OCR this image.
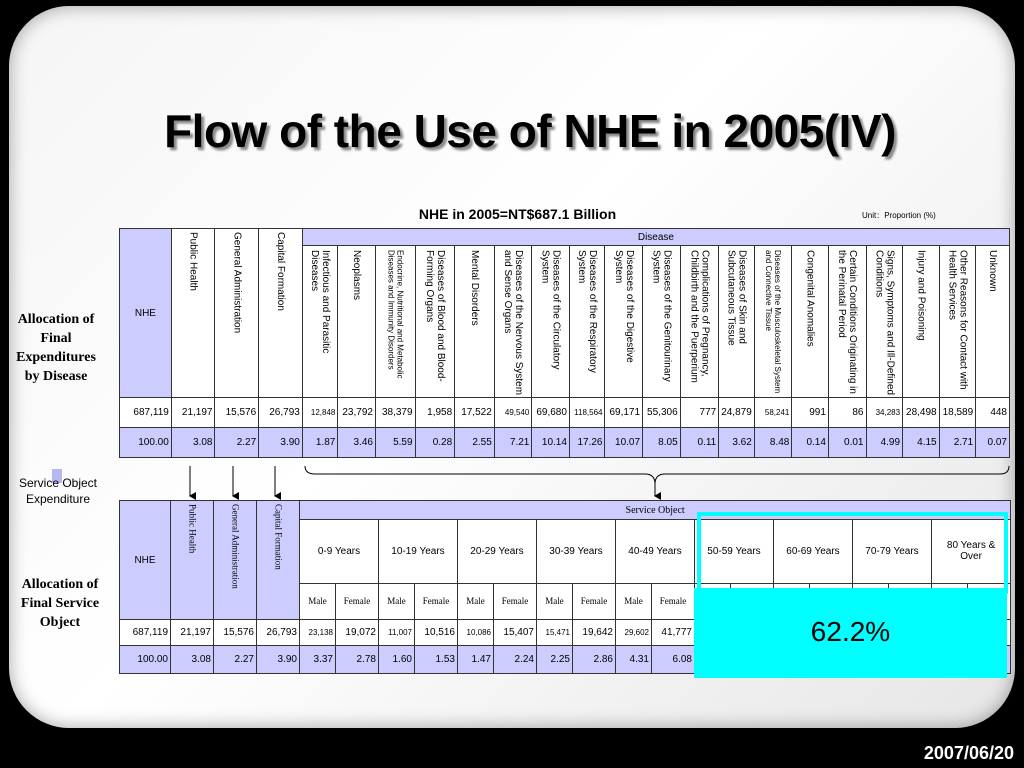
Flow of the Use of NHE in 2005(IV)
NHE in 2005=NT$687.1 Billion	Unit：Proportion (%)
Allocation of Final Expenditures by Disease
Service Object Expenditure
Allocation of Final Service Object
NHE	Public Health	General Administration	Capital Formation	Disease																		

				Infectious and Parasitic Diseases	Neoplasms	Endocrine, Nutritional and Metabolic Diseases and Immunity Disorders	Diseases of Blood and Blood-Forming Organs	Mental Disorders	Diseases of the Nervous System and Sense Organs	Diseases of the Circulatory System	Diseases of the Respiratory System	Diseases of the Digestive System	Diseases of the Genitourinary System	Complications of Pregnancy, Childbirth and the Puerperium	Diseases of Skin and Subcutaneous Tissue	Diseases of the Musculoskeletal System and Connective Tissue	Congenital Anomalies	Certain Conditions Originating in the Perinatal Period	Signs, Symptoms and Ill-Defined Conditions	Injury and Poisoning	Other Reasons for Contact with Health Services	Unknown

687,119	21,197	15,576	26,793	12,848	23,792	38,379	1,958	17,522	49,540	69,680	118,564	69,171	55,306	777	24,879	58,241	991	86	34,283	28,498	18,589	448
100.00	3.08	2.27	3.90	1.87	3.46	5.59	0.28	2.55	7.21	10.14	17.26	10.07	8.05	0.11	3.62	8.48	0.14	0.01	4.99	4.15	2.71	0.07
NHE	Public Health	General Administration	Capital Formation	Service Object																	
				0-9 Years		10-19 Years		20-29 Years		30-39 Years		40-49 Years		50-59 Years		60-69 Years		70-79 Years		80 Years & Over	
				Male	Female	Male	Female	Male	Female	Male	Female	Male	Female								
687,119	21,197	15,576	26,793	23,138	19,072	11,007	10,516	10,086	15,407	15,471	19,642	29,602	41,777								
100.00	3.08	2.27	3.90	3.37	2.78	1.60	1.53	1.47	2.24	2.25	2.86	4.31	6.08								
62.2%
2007/06/20
